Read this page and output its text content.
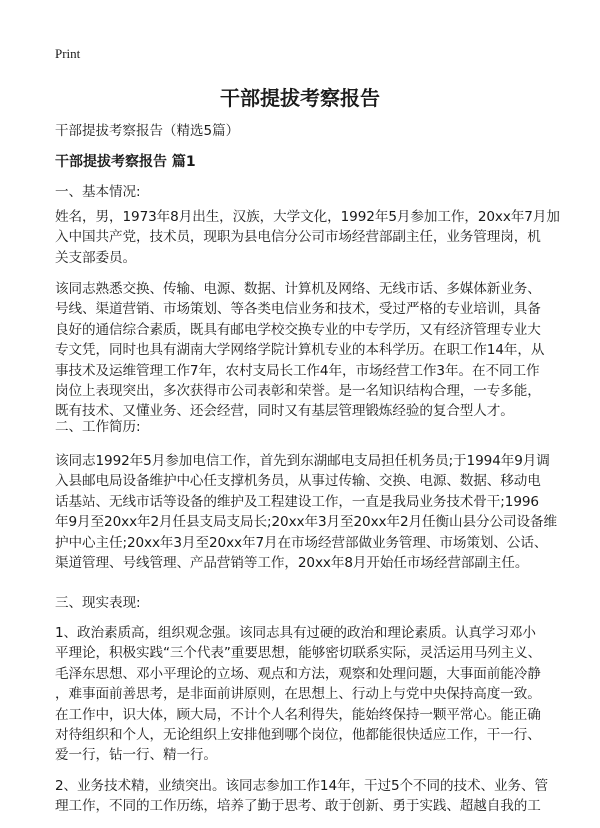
Print
干部提拔考察报告
干部提拔考察报告（精选5篇）
干部提拔考察报告 篇1
一、基本情况:
姓名，男，1973年8月出生，汉族，大学文化，1992年5月参加工作，20xx年7月加
入中国共产党，技术员，现职为县电信分公司市场经营部副主任，业务管理岗，机
关支部委员。
该同志熟悉交换、传输、电源、数据、计算机及网络、无线市话、多媒体新业务、
号线、渠道营销、市场策划、等各类电信业务和技术，受过严格的专业培训，具备
良好的通信综合素质，既具有邮电学校交换专业的中专学历，又有经济管理专业大
专文凭，同时也具有湖南大学网络学院计算机专业的本科学历。在职工作14年，从
事技术及运维管理工作7年，农村支局长工作4年，市场经营工作3年。在不同工作
岗位上表现突出，多次获得市公司表彰和荣誉。是一名知识结构合理，一专多能，
既有技术、又懂业务、还会经营，同时又有基层管理锻炼经验的复合型人才。
二、工作简历:
该同志1992年5月参加电信工作，首先到东湖邮电支局担任机务员;于1994年9月调
入县邮电局设备维护中心任支撑机务员，从事过传输、交换、电源、数据、移动电
话基站、无线市话等设备的维护及工程建设工作，一直是我局业务技术骨干;1996
年9月至20xx年2月任县支局支局长;20xx年3月至20xx年2月任衡山县分公司设备维
护中心主任;20xx年3月至20xx年7月在市场经营部做业务管理、市场策划、公话、
渠道管理、号线管理、产品营销等工作，20xx年8月开始任市场经营部副主任。
三、现实表现:
1、政治素质高，组织观念强。该同志具有过硬的政治和理论素质。认真学习邓小
平理论，积极实践“三个代表”重要思想，能够密切联系实际，灵活运用马列主义、
毛泽东思想、邓小平理论的立场、观点和方法，观察和处理问题，大事面前能冷静
，难事面前善思考，是非面前讲原则，在思想上、行动上与党中央保持高度一致。
在工作中，识大体，顾大局，不计个人名利得失，能始终保持一颗平常心。能正确
对待组织和个人，无论组织上安排他到哪个岗位，他都能很快适应工作，干一行、
爱一行，钻一行、精一行。
2、业务技术精，业绩突出。该同志参加工作14年，干过5个不同的技术、业务、管
理工作，不同的工作历练，培养了勤于思考、敢于创新、勇于实践、超越自我的工
